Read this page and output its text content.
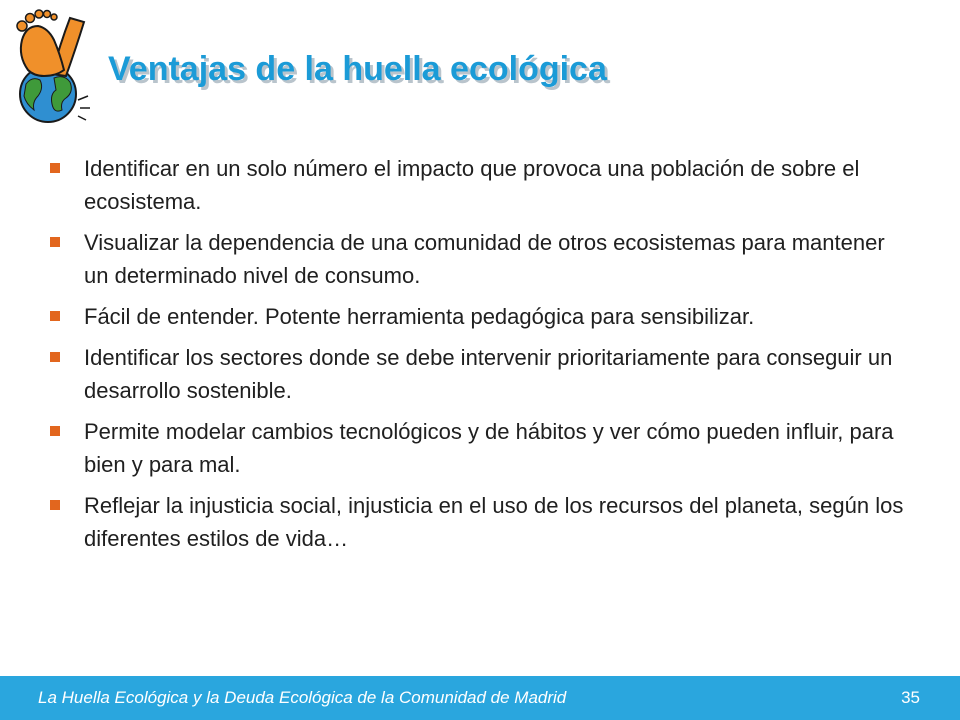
Ventajas de la huella ecológica
Identificar en un solo número el impacto que provoca una población de sobre el ecosistema.
Visualizar la dependencia de una comunidad de otros ecosistemas para mantener un determinado nivel de consumo.
Fácil de entender. Potente herramienta pedagógica para sensibilizar.
Identificar los sectores donde se debe intervenir prioritariamente para conseguir un desarrollo sostenible.
Permite modelar cambios tecnológicos y de hábitos y ver cómo pueden influir, para bien y para mal.
Reflejar la injusticia social, injusticia en el uso de los recursos del planeta, según los diferentes estilos de vida…
La Huella Ecológica y la Deuda Ecológica de la Comunidad de Madrid	35
